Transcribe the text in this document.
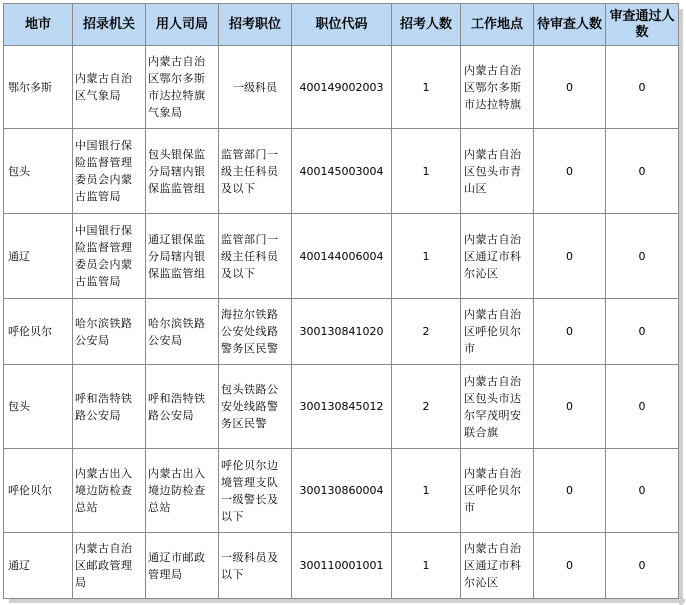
地市	招录机关	用人司局	招考职位	职位代码	招考人数	工作地点	待审查人数	审查通过人数
鄂尔多斯	内蒙古自治区气象局	内蒙古自治区鄂尔多斯市达拉特旗气象局	一级科员	400149002003	1	内蒙古自治区鄂尔多斯市达拉特旗	0	0
包头	中国银行保险监督管理委员会内蒙古监管局	包头银保监分局辖内银保监监管组	监管部门一级主任科员及以下	400145003004	1	内蒙古自治区包头市青山区	0	0
通辽	中国银行保险监督管理委员会内蒙古监管局	通辽银保监分局辖内银保监监管组	监管部门一级主任科员及以下	400144006004	1	内蒙古自治区通辽市科尔沁区	0	0
呼伦贝尔	哈尔滨铁路公安局	哈尔滨铁路公安局	海拉尔铁路公安处线路警务区民警	300130841020	2	内蒙古自治区呼伦贝尔市	0	0
包头	呼和浩特铁路公安局	呼和浩特铁路公安局	包头铁路公安处线路警务区民警	300130845012	2	内蒙古自治区包头市达尔罕茂明安联合旗	0	0
呼伦贝尔	内蒙古出入境边防检查总站	内蒙古出入境边防检查总站	呼伦贝尔边境管理支队一级警长及以下	300130860004	1	内蒙古自治区呼伦贝尔市	0	0
通辽	内蒙古自治区邮政管理局	通辽市邮政管理局	一级科员及以下	300110001001	1	内蒙古自治区通辽市科尔沁区	0	0
